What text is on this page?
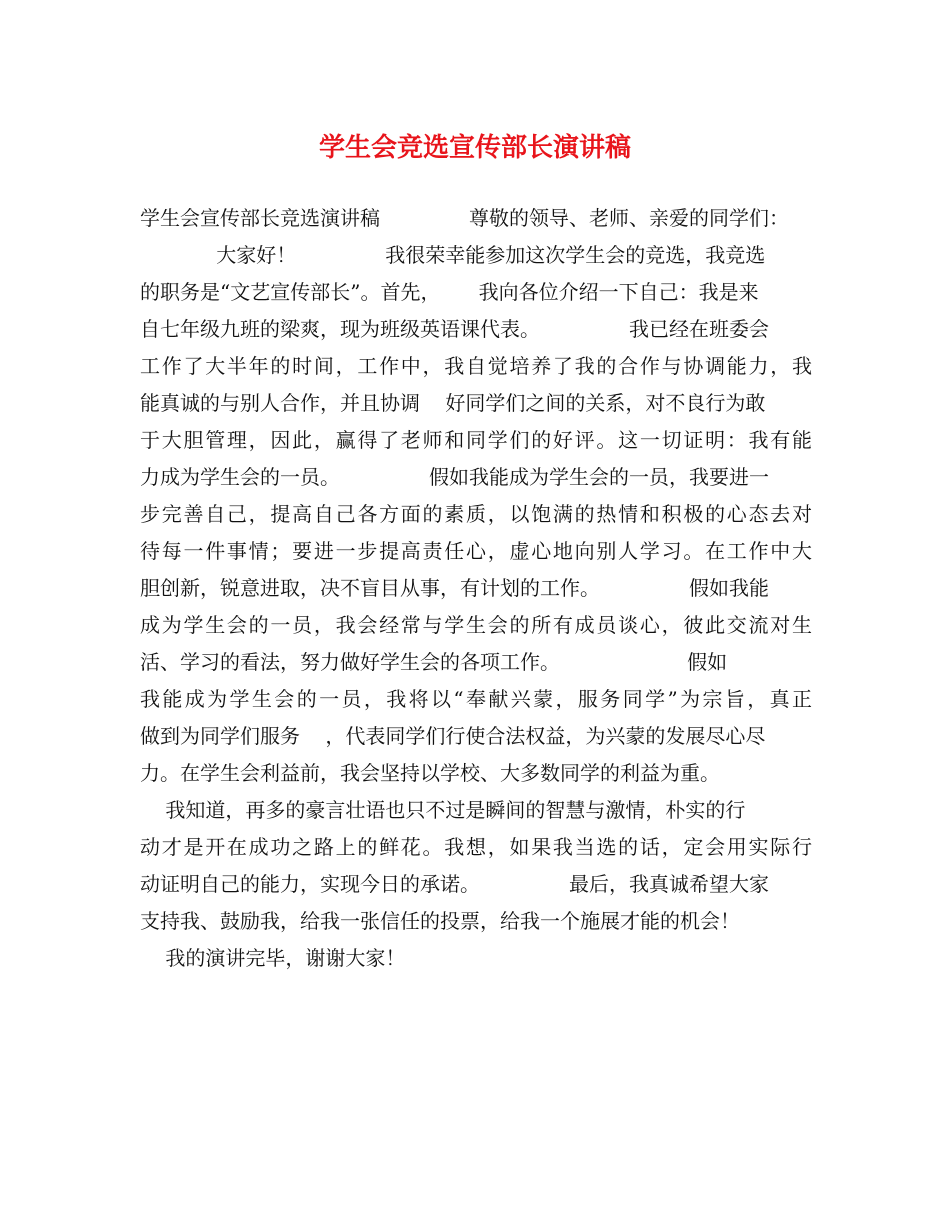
学生会竞选宣传部长演讲稿
学生会宣传部长竞选演讲稿              尊敬的领导、老师、亲爱的同学们：
大家好！              我很荣幸能参加这次学生会的竞选，我竞选
的职务是“文艺宣传部长”。首先，      我向各位介绍一下自己：我是来
自七年级九班的梁爽，现为班级英语课代表。              我已经在班委会
工作了大半年的时间，工作中，我自觉培养了我的合作与协调能力，我
能真诚的与别人合作，并且协调    好同学们之间的关系，对不良行为敢
于大胆管理，因此，赢得了老师和同学们的好评。这一切证明：我有能
力成为学生会的一员。              假如我能成为学生会的一员，我要进一
步完善自己，提高自己各方面的素质，以饱满的热情和积极的心态去对
待每一件事情；要进一步提高责任心，虚心地向别人学习。在工作中大
胆创新，锐意进取，决不盲目从事，有计划的工作。              假如我能
成为学生会的一员，我会经常与学生会的所有成员谈心，彼此交流对生
活、学习的看法，努力做好学生会的各项工作。                    假如
我能成为学生会的一员，我将以“奉献兴蒙，服务同学”为宗旨，真正
做到为同学们服务    ，代表同学们行使合法权益，为兴蒙的发展尽心尽
力。在学生会利益前，我会坚持以学校、大多数同学的利益为重。
我知道，再多的豪言壮语也只不过是瞬间的智慧与激情，朴实的行
动才是开在成功之路上的鲜花。我想，如果我当选的话，定会用实际行
动证明自己的能力，实现今日的承诺。              最后，我真诚希望大家
支持我、鼓励我，给我一张信任的投票，给我一个施展才能的机会！
我的演讲完毕，谢谢大家！
